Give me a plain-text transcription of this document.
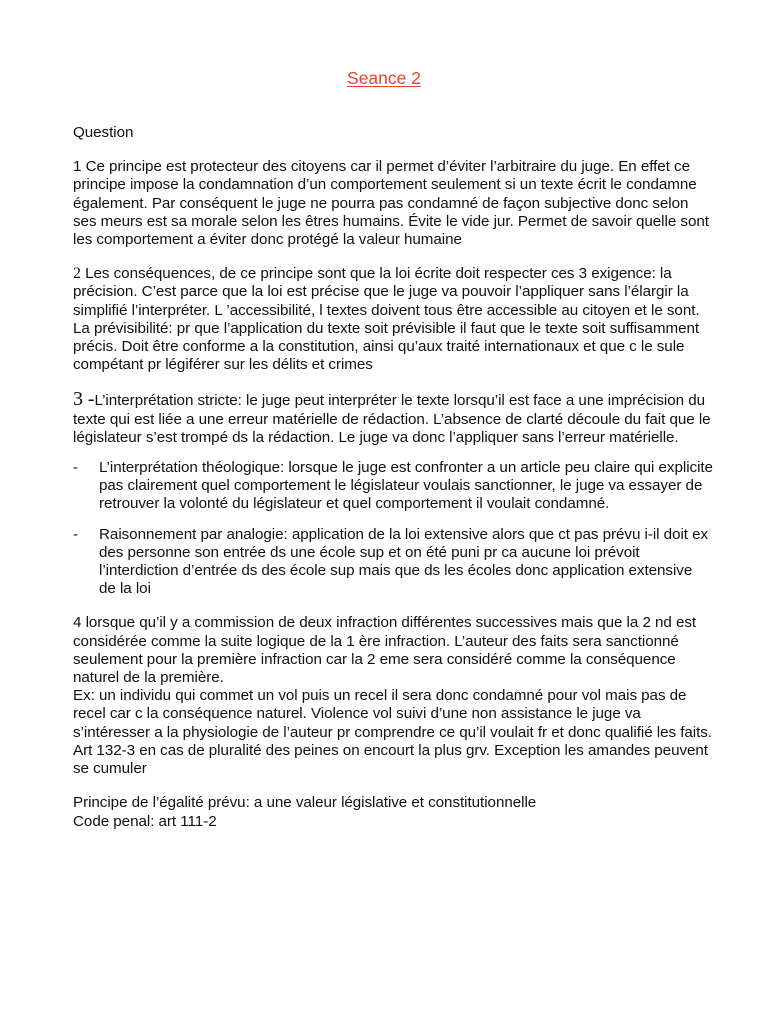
Seance 2

Question

1 Ce principe est protecteur des citoyens car il permet d’éviter l’arbitraire du juge. En effet ce principe impose la condamnation d’un comportement seulement si un texte écrit le condamne également. Par conséquent le juge ne pourra pas condamné de façon subjective donc selon ses meurs est sa morale selon les êtres humains. Évite le vide jur. Permet de savoir quelle sont les comportement a éviter donc protégé la valeur humaine

2 Les conséquences, de ce principe sont que la loi écrite doit respecter ces 3 exigence: la précision. C’est parce que la loi est précise que le juge va pouvoir l’appliquer sans l’élargir la simplifié l’interpréter. L ’accessibilité, l textes doivent tous être accessible au citoyen et le sont. La prévisibilité: pr que l’application du texte soit prévisible il faut que le texte soit suffisamment précis. Doit être conforme a la constitution, ainsi qu’aux traité internationaux et que c le sule compétant pr légiférer sur les délits et crimes

3 -L’interprétation stricte: le juge peut interpréter le texte lorsqu’il est face a une imprécision du texte qui est liée a une erreur matérielle de rédaction. L’absence de clarté découle du fait que le législateur s’est trompé ds la rédaction. Le juge va donc l’appliquer sans l’erreur matérielle.

-	L’interprétation théologique: lorsque le juge est confronter a un article peu claire qui explicite pas clairement quel comportement le législateur voulais sanctionner, le juge va essayer de retrouver la volonté du législateur et quel comportement il voulait condamné.
-	Raisonnement par analogie: application de la loi extensive alors que ct pas prévu i-il doit ex des personne son entrée ds une école sup et on été puni pr ca aucune loi prévoit l’interdiction d’entrée ds des école sup mais que ds les écoles donc application extensive de la loi

4 lorsque qu’il y a commission de deux infraction différentes successives mais que la 2 nd est considérée comme la suite logique de la 1 ère infraction. L’auteur des faits sera sanctionné seulement pour la première infraction car la 2 eme sera considéré comme la conséquence naturel de la première.
Ex: un individu qui commet un vol puis un recel il sera donc condamné pour vol mais pas de recel car c la conséquence naturel. Violence vol suivi d’une non assistance le juge va s’intéresser a la physiologie de l’auteur pr comprendre ce qu’il voulait fr et donc qualifié les faits.
Art 132-3 en cas de pluralité des peines on encourt la plus grv. Exception les amandes peuvent se cumuler

Principe de l’égalité prévu: a une valeur législative et constitutionnelle
Code penal: art 111-2
